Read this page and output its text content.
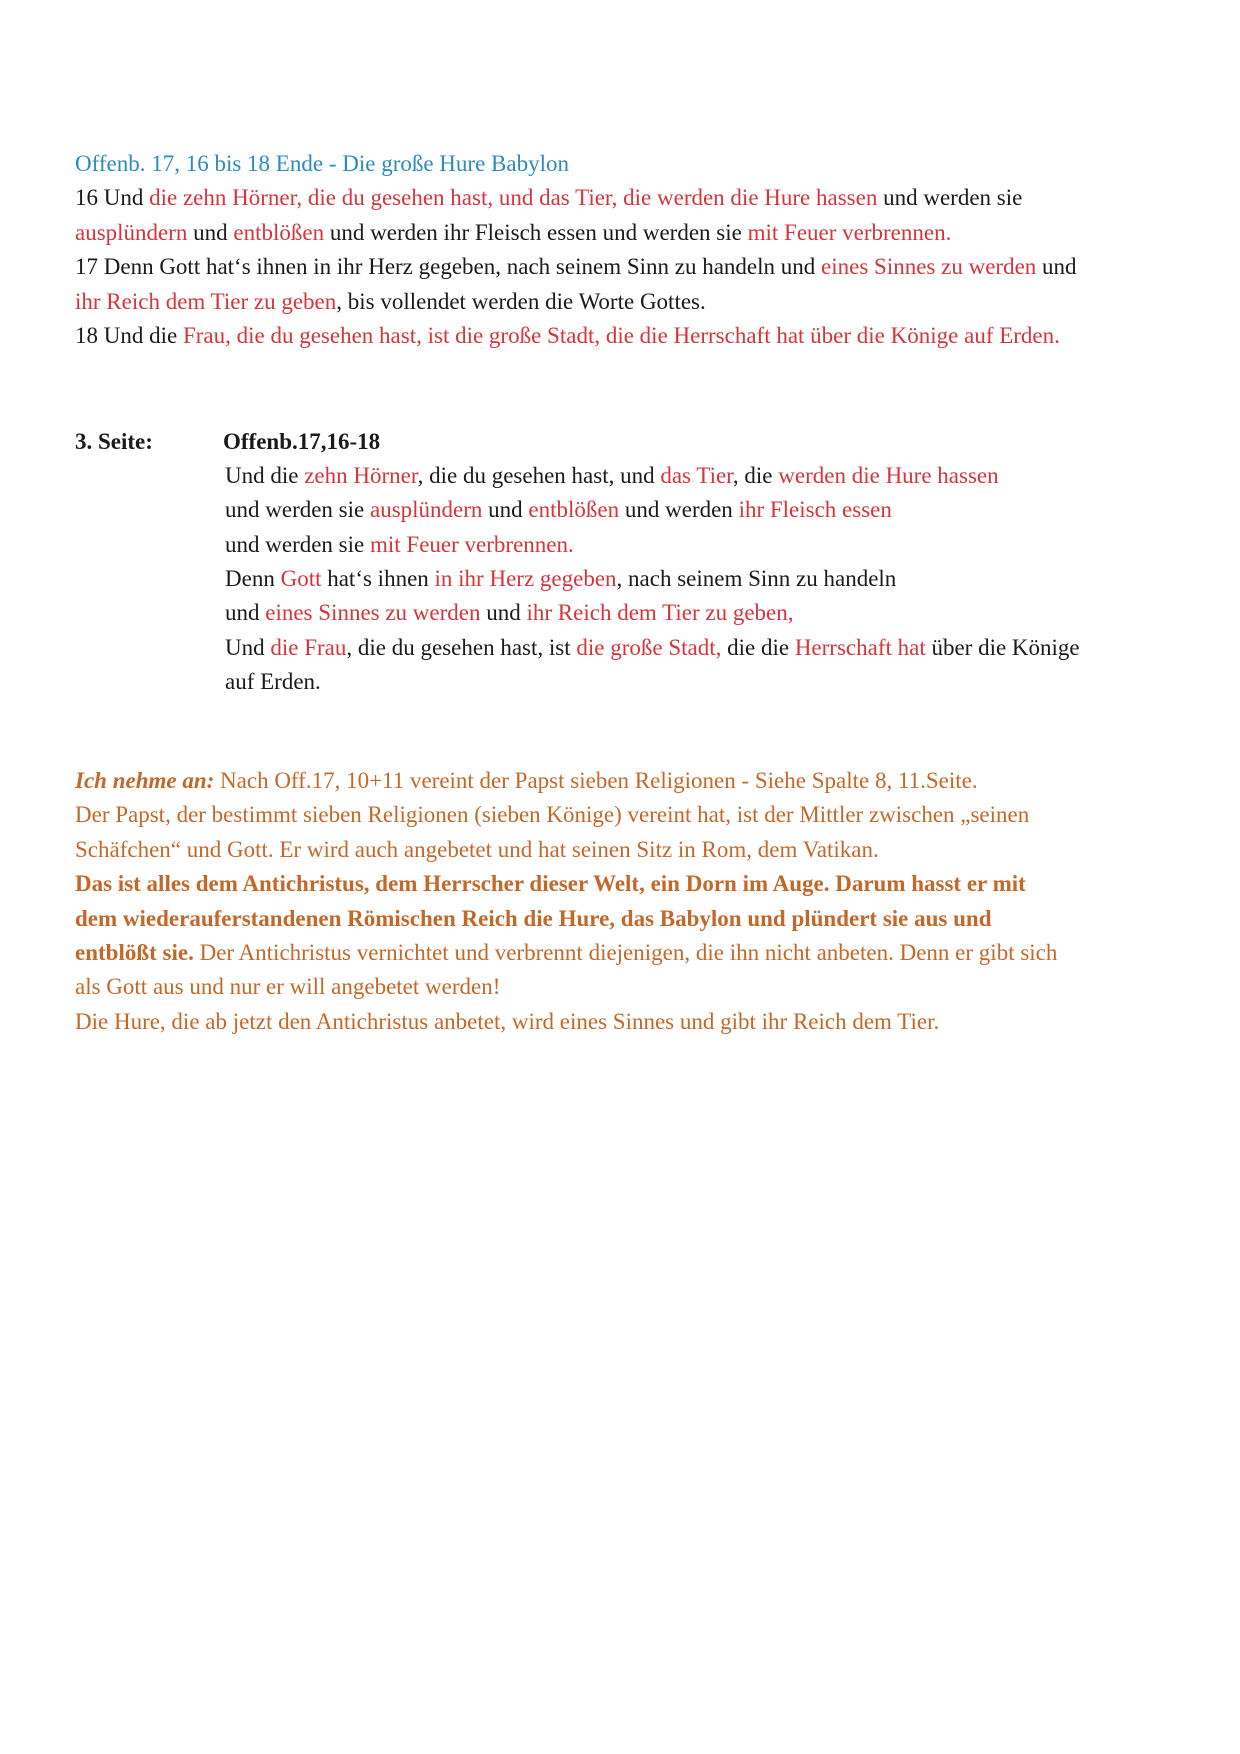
Offenb. 17, 16 bis 18 Ende - Die große Hure Babylon
16 Und die zehn Hörner, die du gesehen hast, und das Tier, die werden die Hure hassen und werden sie
ausplündern und entblößen und werden ihr Fleisch essen und werden sie mit Feuer verbrennen.
17 Denn Gott hat‘s ihnen in ihr Herz gegeben, nach seinem Sinn zu handeln und eines Sinnes zu werden und
ihr Reich dem Tier zu geben, bis vollendet werden die Worte Gottes.
18 Und die Frau, die du gesehen hast, ist die große Stadt, die die Herrschaft hat über die Könige auf Erden.
3. Seite:	Offenb.17,16-18
Und die zehn Hörner, die du gesehen hast, und das Tier, die werden die Hure hassen
und werden sie ausplündern und entblößen und werden ihr Fleisch essen
und werden sie mit Feuer verbrennen.
Denn Gott hat‘s ihnen in ihr Herz gegeben, nach seinem Sinn zu handeln
und eines Sinnes zu werden und ihr Reich dem Tier zu geben,
Und die Frau, die du gesehen hast, ist die große Stadt, die die Herrschaft hat über die Könige
auf Erden.
Ich nehme an: Nach Off.17, 10+11 vereint der Papst sieben Religionen - Siehe Spalte 8, 11.Seite.
Der Papst, der bestimmt sieben Religionen (sieben Könige) vereint hat, ist der Mittler zwischen „seinen
Schäfchen“ und Gott. Er wird auch angebetet und hat seinen Sitz in Rom, dem Vatikan.
Das ist alles dem Antichristus, dem Herrscher dieser Welt, ein Dorn im Auge. Darum hasst er mit
dem wiederauferstandenen Römischen Reich die Hure, das Babylon und plündert sie aus und
entblößt sie. Der Antichristus vernichtet und verbrennt diejenigen, die ihn nicht anbeten. Denn er gibt sich
als Gott aus und nur er will angebetet werden!
Die Hure, die ab jetzt den Antichristus anbetet, wird eines Sinnes und gibt ihr Reich dem Tier.
